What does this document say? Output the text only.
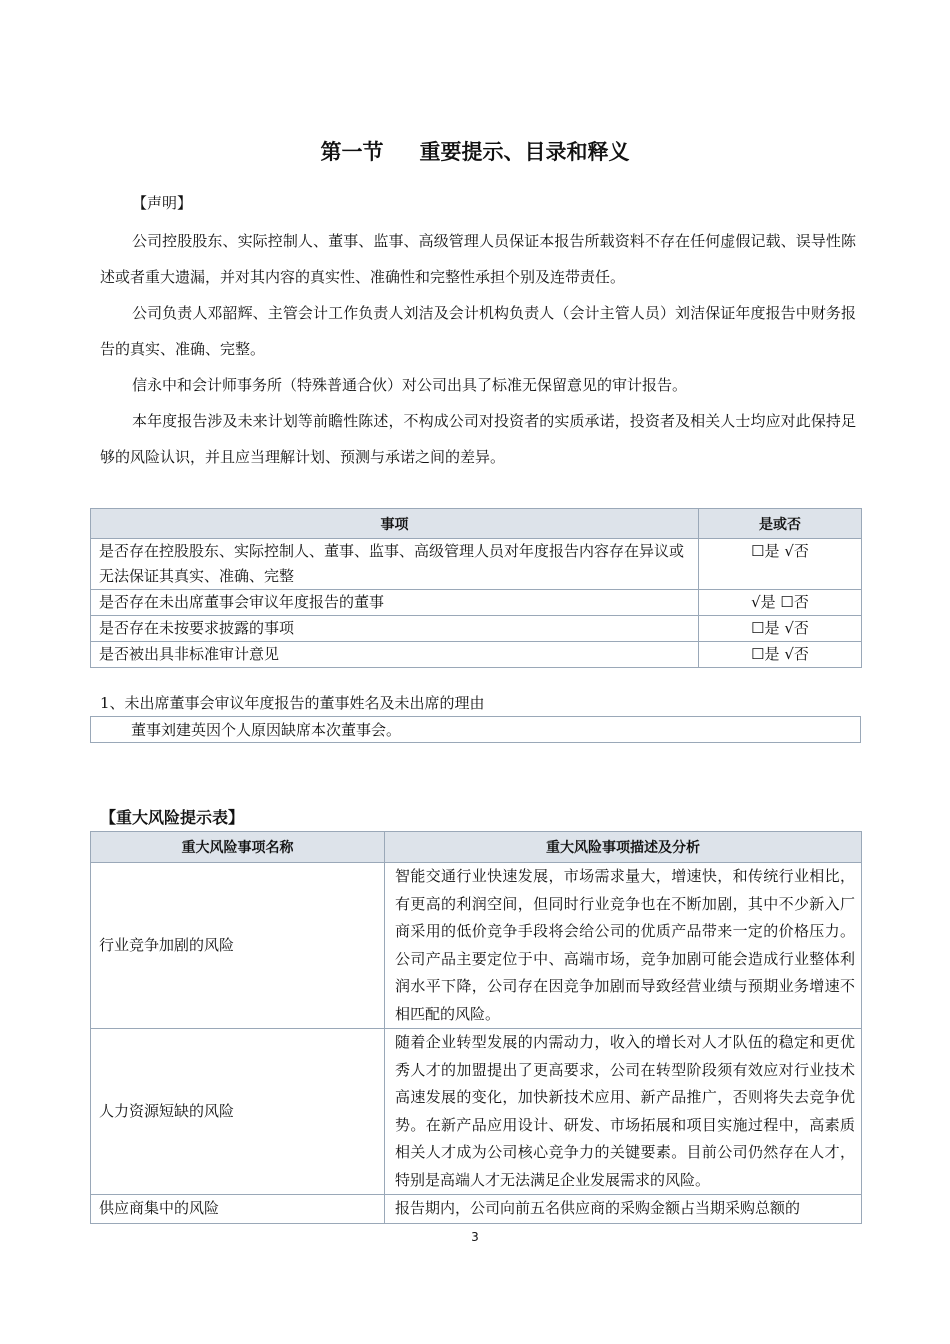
第一节 重要提示、目录和释义
【声明】

公司控股股东、实际控制人、董事、监事、高级管理人员保证本报告所载资料不存在任何虚假记载、误导性陈述或者重大遗漏，并对其内容的真实性、准确性和完整性承担个别及连带责任。

公司负责人邓韶辉、主管会计工作负责人刘洁及会计机构负责人（会计主管人员）刘洁保证年度报告中财务报告的真实、准确、完整。

信永中和会计师事务所（特殊普通合伙）对公司出具了标准无保留意见的审计报告。

本年度报告涉及未来计划等前瞻性陈述，不构成公司对投资者的实质承诺，投资者及相关人士均应对此保持足够的风险认识，并且应当理解计划、预测与承诺之间的差异。

事项	是或否
是否存在控股股东、实际控制人、董事、监事、高级管理人员对年度报告内容存在异议或无法保证其真实、准确、完整	☐是 √否
是否存在未出席董事会审议年度报告的董事	√是 ☐否
是否存在未按要求披露的事项	☐是 √否
是否被出具非标准审计意见	☐是 √否
1、未出席董事会审议年度报告的董事姓名及未出席的理由
董事刘建英因个人原因缺席本次董事会。
【重大风险提示表】
重大风险事项名称	重大风险事项描述及分析
行业竞争加剧的风险	智能交通行业快速发展，市场需求量大，增速快，和传统行业相比，有更高的利润空间，但同时行业竞争也在不断加剧，其中不少新入厂商采用的低价竞争手段将会给公司的优质产品带来一定的价格压力。公司产品主要定位于中、高端市场，竞争加剧可能会造成行业整体利润水平下降，公司存在因竞争加剧而导致经营业绩与预期业务增速不相匹配的风险。
人力资源短缺的风险	随着企业转型发展的内需动力，收入的增长对人才队伍的稳定和更优秀人才的加盟提出了更高要求，公司在转型阶段须有效应对行业技术高速发展的变化，加快新技术应用、新产品推广，否则将失去竞争优势。在新产品应用设计、研发、市场拓展和项目实施过程中，高素质相关人才成为公司核心竞争力的关键要素。目前公司仍然存在人才，特别是高端人才无法满足企业发展需求的风险。
供应商集中的风险	报告期内，公司向前五名供应商的采购金额占当期采购总额的
3
